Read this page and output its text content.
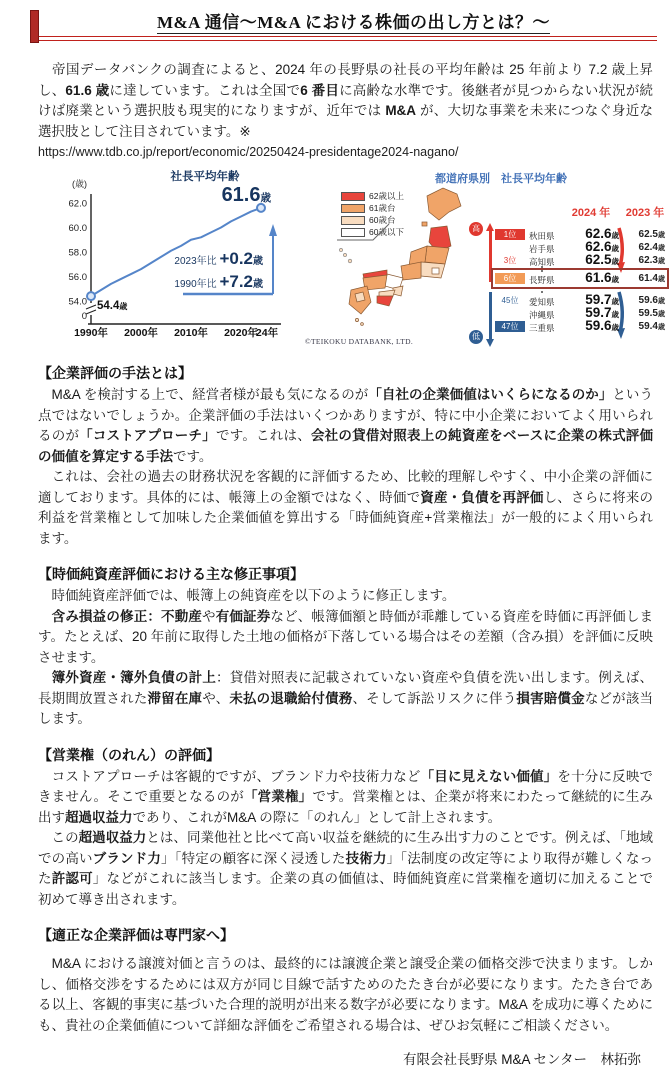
M&A 通信～M&A における株価の出し方とは？～

　帝国データバンクの調査によると、2024 年の長野県の社長の平均年齢は 25 年前より 7.2 歳上昇し、61.6 歳に達しています。これは全国で6 番目に高齢な水準です。後継者が見つからない状況が続けば廃業という選択肢も現実的になりますが、近年では M&A が、大切な事業を未来につなぐ身近な選択肢として注目されています。※

https://www.tdb.co.jp/report/economic/20250424-presidentage2024-nagano/

62.0
60.0
58.0
56.0
54.0
0
(歳)
1990年 2000年 2010年 2020年
24年
社長平均年齢
61.6歳
54.4歳
2023年比 +0.2歳
1990年比 +7.2歳
©TEIKOKU DATABANK, LTD.
都道府県別　社長平均年齢
62歳以上
61歳台
60歳台
60歳以下
2024 年	2023 年
高
低
1位	秋田県	62.6歳	62.5歳
岩手県	62.6歳	62.4歳
3位	高知県	62.5歳	62.3歳
6位	長野県	61.6歳	61.4歳
45位	愛知県	59.7歳	59.6歳
沖縄県	59.7歳	59.5歳
47位	三重県	59.6歳	59.4歳
【企業評価の手法とは】

　M&A を検討する上で、経営者様が最も気になるのが「自社の企業価値はいくらになるのか」という点ではないでしょうか。企業評価の手法はいくつかありますが、特に中小企業においてよく用いられるのが「コストアプローチ」です。これは、会社の貸借対照表上の純資産をベースに企業の株式評価の価値を算定する手法です。

　これは、会社の過去の財務状況を客観的に評価するため、比較的理解しやすく、中小企業の評価に適しております。具体的には、帳簿上の金額ではなく、時価で資産・負債を再評価し、さらに将来の利益を営業権として加味した企業価値を算出する「時価純資産+営業権法」が一般的によく用いられます。

【時価純資産評価における主な修正事項】

　時価純資産評価では、帳簿上の純資産を以下のように修正します。

　含み損益の修正：不動産や有価証券など、帳簿価額と時価が乖離している資産を時価に再評価します。たとえば、20 年前に取得した土地の価格が下落している場合はその差額（含み損）を評価に反映させます。

　簿外資産・簿外負債の計上：貸借対照表に記載されていない資産や負債を洗い出します。例えば、長期間放置された滞留在庫や、未払の退職給付債務、そして訴訟リスクに伴う損害賠償金などが該当します。

【営業権（のれん）の評価】

　コストアプローチは客観的ですが、ブランド力や技術力など「目に見えない価値」を十分に反映できません。そこで重要となるのが「営業権」です。営業権とは、企業が将来にわたって継続的に生み出す超過収益力であり、これがM&A の際に「のれん」として計上されます。

　この超過収益力とは、同業他社と比べて高い収益を継続的に生み出す力のことです。例えば、「地域での高いブランド力」「特定の顧客に深く浸透した技術力」「法制度の改定等により取得が難しくなった許認可」などがこれに該当します。企業の真の価値は、時価純資産に営業権を適切に加えることで初めて導き出されます。

【適正な企業評価は専門家へ】

　M&A における譲渡対価と言うのは、最終的には譲渡企業と譲受企業の価格交渉で決まります。しかし、価格交渉をするためには双方が同じ目線で話すためのたたき台が必要になります。たたき台である以上、客観的事実に基づいた合理的説明が出来る数字が必要になります。M&A を成功に導くためにも、貴社の企業価値について詳細な評価をご希望される場合は、ぜひお気軽にご相談ください。

有限会社長野県 M&A センター　林拓弥
